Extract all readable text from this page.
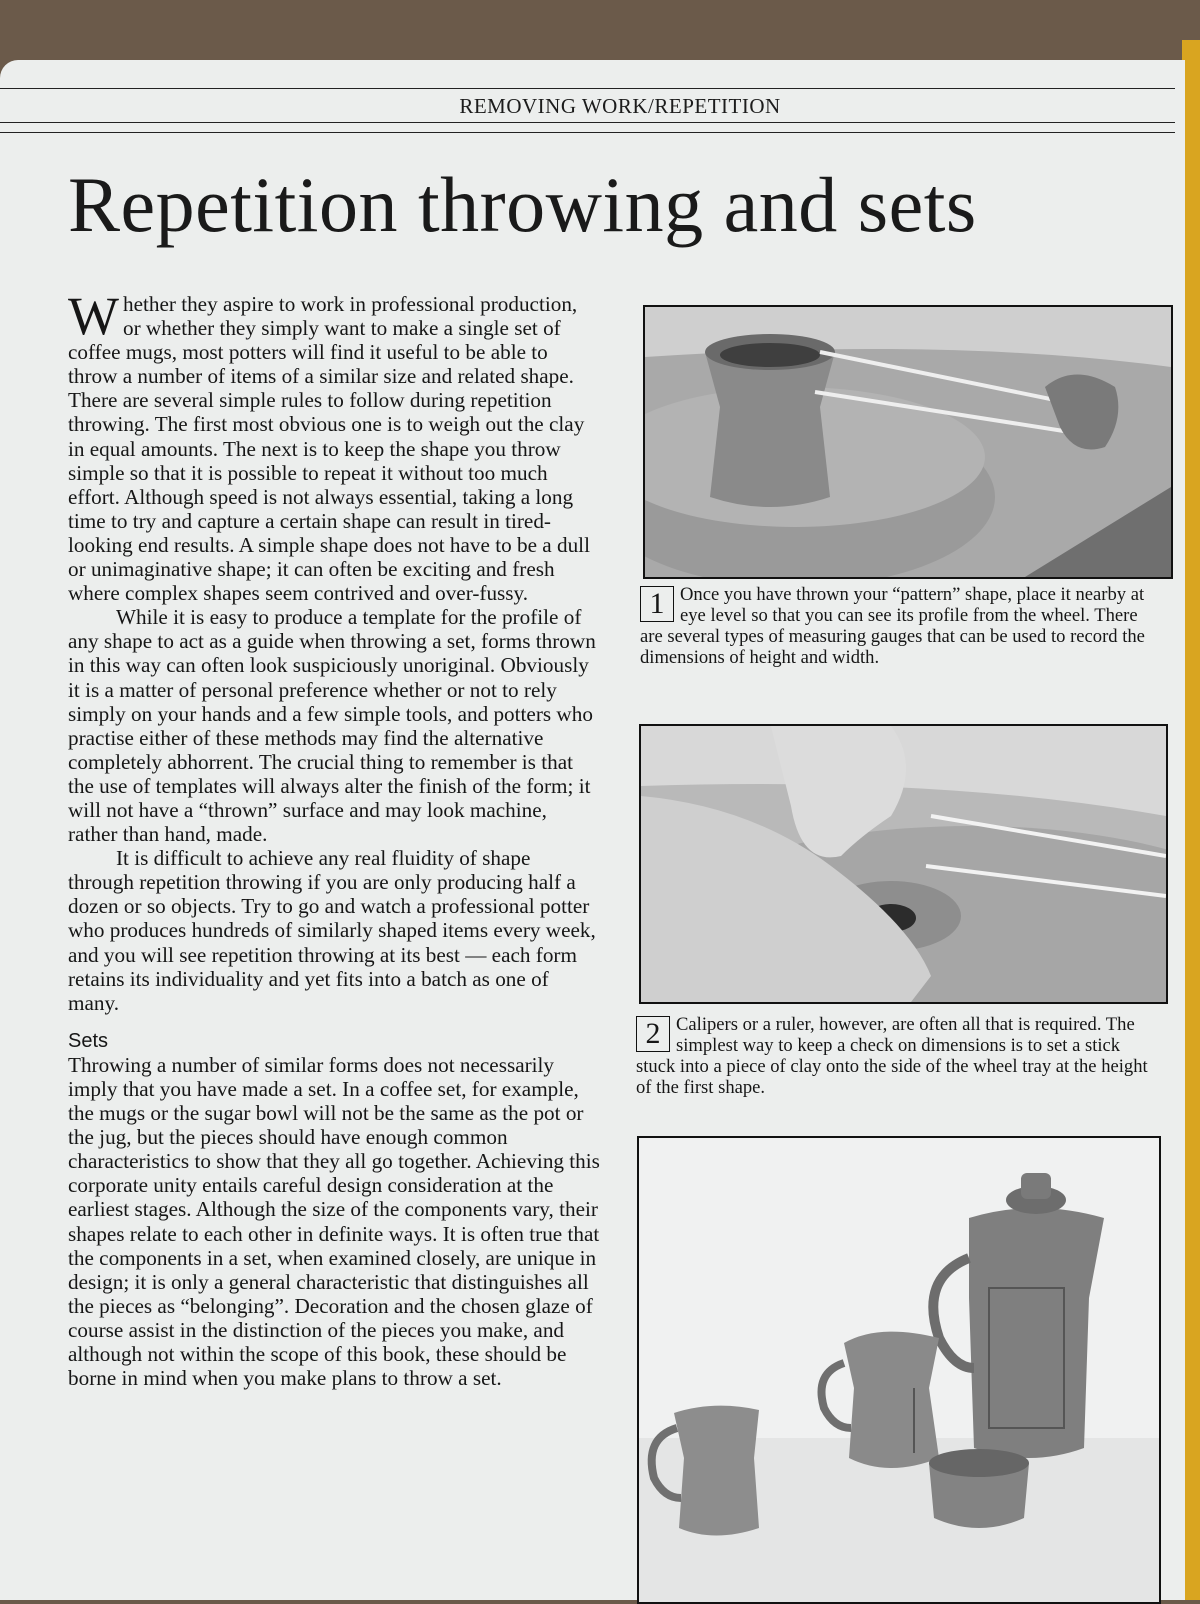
REMOVING WORK/REPETITION
Repetition throwing and sets

Whether they aspire to work in professional production, or whether they simply want to make a single set of coffee mugs, most potters will find it useful to be able to throw a number of items of a similar size and related shape. There are several simple rules to follow during repetition throwing. The first most obvious one is to weigh out the clay in equal amounts. The next is to keep the shape you throw simple so that it is possible to repeat it without too much effort. Although speed is not always essential, taking a long time to try and capture a certain shape can result in tired-looking end results. A simple shape does not have to be a dull or unimaginative shape; it can often be exciting and fresh where complex shapes seem contrived and over-fussy.

While it is easy to produce a template for the profile of any shape to act as a guide when throwing a set, forms thrown in this way can often look suspiciously unoriginal. Obviously it is a matter of personal preference whether or not to rely simply on your hands and a few simple tools, and potters who practise either of these methods may find the alternative completely abhorrent. The crucial thing to remember is that the use of templates will always alter the finish of the form; it will not have a “thrown” surface and may look machine, rather than hand, made.

It is difficult to achieve any real fluidity of shape through repetition throwing if you are only producing half a dozen or so objects. Try to go and watch a professional potter who produces hundreds of similarly shaped items every week, and you will see repetition throwing at its best — each form retains its individuality and yet fits into a batch as one of many.

Sets

Throwing a number of similar forms does not necessarily imply that you have made a set. In a coffee set, for example, the mugs or the sugar bowl will not be the same as the pot or the jug, but the pieces should have enough common characteristics to show that they all go together. Achieving this corporate unity entails careful design consideration at the earliest stages. Although the size of the components vary, their shapes relate to each other in definite ways. It is often true that the components in a set, when examined closely, are unique in design; it is only a general characteristic that distinguishes all the pieces as “belonging”. Decoration and the chosen glaze of course assist in the distinction of the pieces you make, and although not within the scope of this book, these should be borne in mind when you make plans to throw a set.

1 Once you have thrown your “pattern” shape, place it nearby at eye level so that you can see its profile from the wheel. There are several types of measuring gauges that can be used to record the dimensions of height and width.
2 Calipers or a ruler, however, are often all that is required. The simplest way to keep a check on dimensions is to set a stick stuck into a piece of clay onto the side of the wheel tray at the height of the first shape.
